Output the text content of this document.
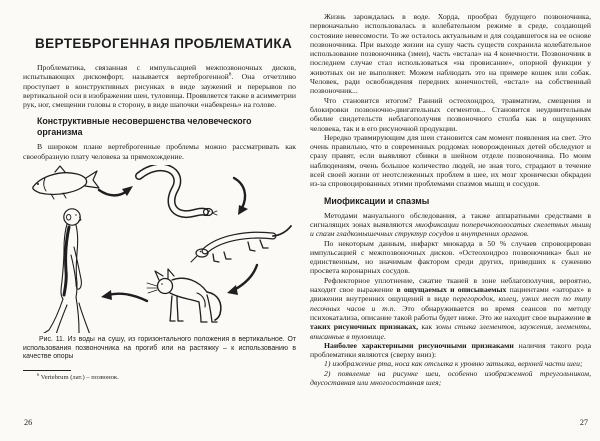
ВЕРТЕБРОГЕННАЯ ПРОБЛЕМАТИКА

Проблематика, связанная с импульсацией межпозвоночных дисков, испытывающих дискомфорт, называется вертеброгенной$^6$. Она отчетливо проступает в конструктивных рисунках в виде заужений и перерывов по вертикальной оси в изображении шеи, туловища. Проявляется также в асимметрии рук, ног, смещении головы в сторону, в виде шапочки «набекрень» на голове.

Конструктивные несовершенства человеческого организма

В широком плане вертеброгенные проблемы можно рассматривать как своеобразную плату человека за прямохождение.

Рис. 11. Из воды на сушу, из горизонтального положения в вертикальное. От использования позвоночника на прогиб или на растяжку – к использованию в качестве опоры

$^6$ Vertebrum (лат.) – позвонок.

26

Жизнь зарождалась в воде. Хорда, прообраз будущего позвоночника, первоначально использовалась в колебательном режиме в среде, создающей состояние невесомости. То же осталось актуальным и для создавшегося на ее основе позвоночника. При выходе жизни на сушу часть существ сохранила колебательное использование позвоночника (змеи), часть «встала» на 4 конечности. Позвоночник в последнем случае стал использоваться «на провисание», опорной функции у животных он не выполняет. Можем наблюдать это на примере кошек или собак. Человек, ради освобождения передних конечностей, «встал» на собственный позвоночник...

Что становится итогом? Ранний остеохондроз, травматизм, смещения и блокировки позвоночно-двигательных сегментов... Становится неудивительным обилие свидетельств неблагополучия позвоночного столба как в ощущениях человека, так и в его рисуночной продукции.

Нередко травмирующим для шеи становится сам момент появления на свет. Это очень правильно, что в современных роддомах новорожденных детей обследуют и сразу правят, если выявляют сбивки в шейном отделе позвоночника. По моим наблюдениям, очень большое количество людей, не зная того, страдают в течение всей своей жизни от неотслеженных проблем в шее, их мозг хронически обкраден из-за спровоцированных этими проблемами спазмов мышц и сосудов.

Миофиксации и спазмы

Методами мануального обследования, а также аппаратными средствами в сигналящих зонах выявляются миофиксации поперечнополосатых скелетных мышц и спазм гладкомышечных структур сосудов и внутренних органов.

По некоторым данным, инфаркт миокарда в 50 % случаев спровоцирован импульсацией с межпозвоночных дисков. «Остеохондроз позвоночника» был не единственным, но значимым фактором среди других, приведших к сужению просвета коронарных сосудов.

Рефлекторное уплотнение, сжатие тканей в зоне неблагополучия, вероятно, находит свое выражение в ощущаемых и описываемых пациентами «заторах» в движении внутренних ощущений в виде перегородок, колец, узких мест по типу песочных часов и т.п. Это обнаруживается во время сеансов по методу психокатализа, описание такой работы будет ниже. Это же находит свое выражение в таких рисуночных признаках, как зоны стыка элементов, заужения, элементы, вписанные в туловище.

Наиболее характерными рисуночными признаками наличия такого рода проблематики являются (сверху вниз):

1) изображение рта, носа как отсылка к уровню затылка, верхней части шеи;

2) появление на рисунке шеи, особенно изображенной треугольником, двусоставная или многосоставная шея;

27
